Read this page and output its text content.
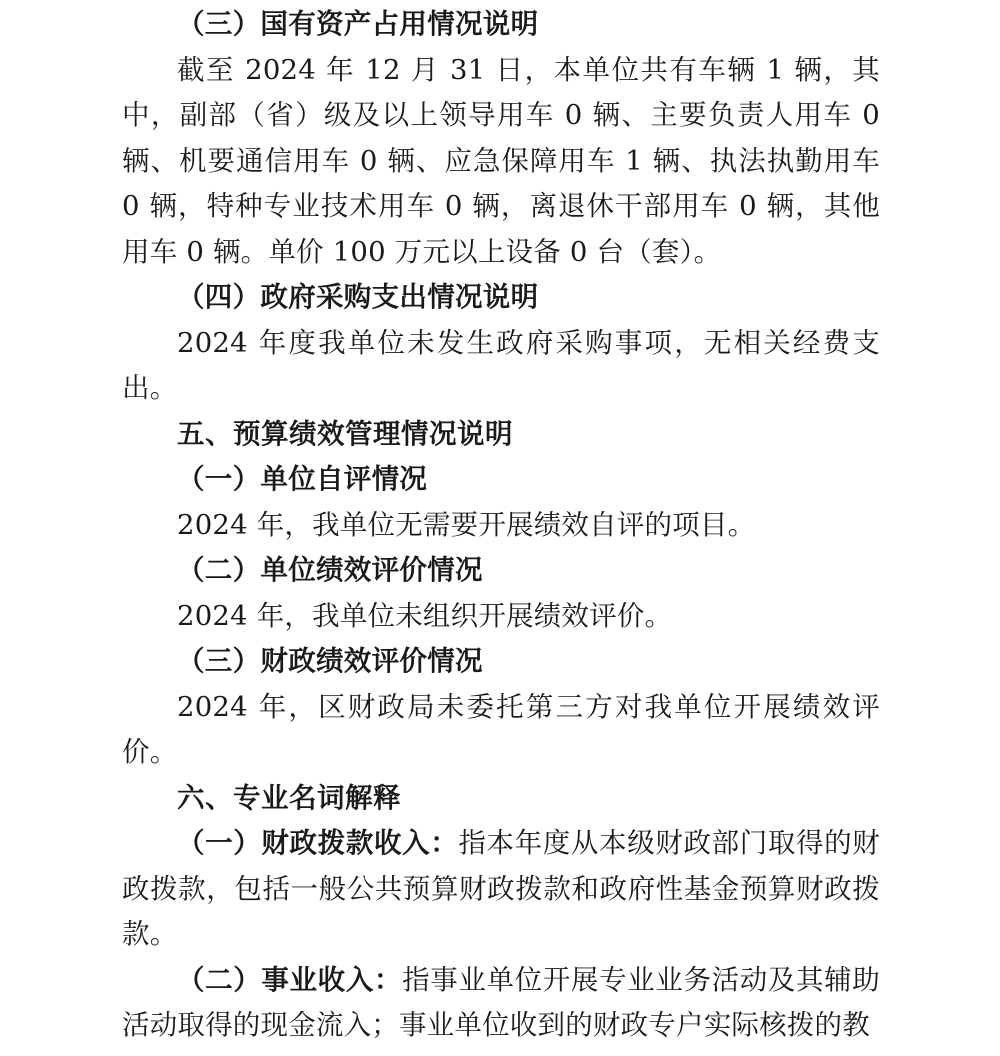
（三）国有资产占用情况说明

截至 2024 年 12 月 31 日，本单位共有车辆 1 辆，其中，副部（省）级及以上领导用车 0 辆、主要负责人用车 0 辆、机要通信用车 0 辆、应急保障用车 1 辆、执法执勤用车 0 辆，特种专业技术用车 0 辆，离退休干部用车 0 辆，其他用车 0 辆。单价 100 万元以上设备 0 台（套）。

（四）政府采购支出情况说明

2024 年度我单位未发生政府采购事项，无相关经费支出。

五、预算绩效管理情况说明

（一）单位自评情况

2024 年，我单位无需要开展绩效自评的项目。

（二）单位绩效评价情况

2024 年，我单位未组织开展绩效评价。

（三）财政绩效评价情况

2024 年，区财政局未委托第三方对我单位开展绩效评价。

六、专业名词解释

（一）财政拨款收入：指本年度从本级财政部门取得的财政拨款，包括一般公共预算财政拨款和政府性基金预算财政拨款。

（二）事业收入：指事业单位开展专业业务活动及其辅助活动取得的现金流入；事业单位收到的财政专户实际核拨的教
